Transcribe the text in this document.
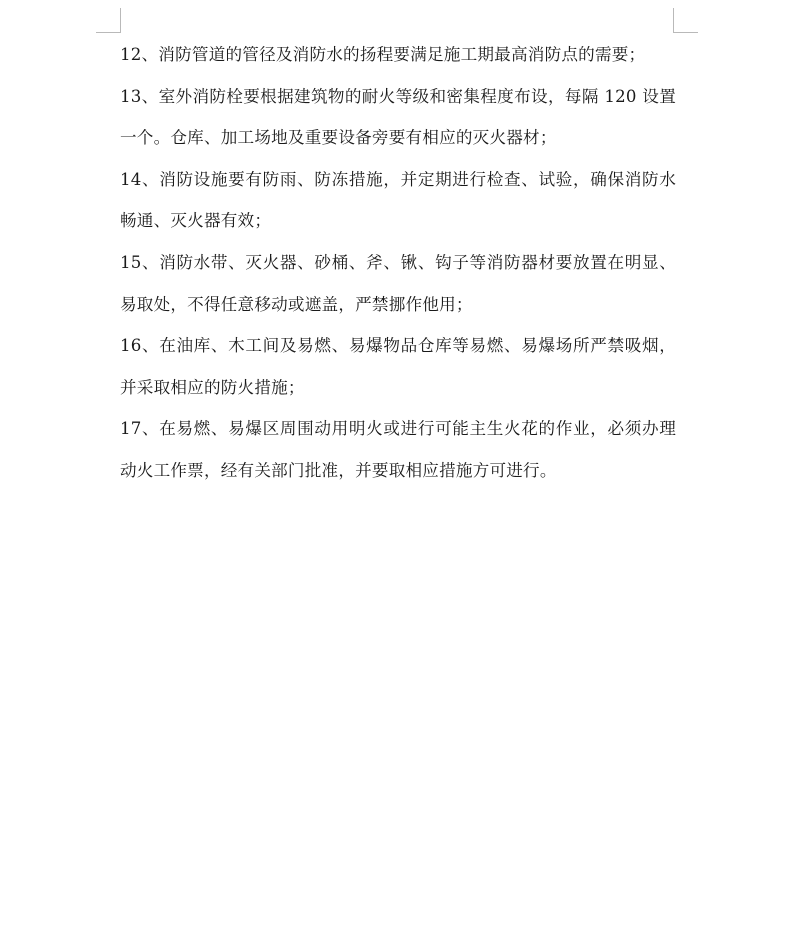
12、消防管道的管径及消防水的扬程要满足施工期最高消防点的需要；

13、室外消防栓要根据建筑物的耐火等级和密集程度布设，每隔 120 设置一个。仓库、加工场地及重要设备旁要有相应的灭火器材；

14、消防设施要有防雨、防冻措施，并定期进行检查、试验，确保消防水畅通、灭火器有效；

15、消防水带、灭火器、砂桶、斧、锹、钩子等消防器材要放置在明显、易取处，不得任意移动或遮盖，严禁挪作他用；

16、在油库、木工间及易燃、易爆物品仓库等易燃、易爆场所严禁吸烟，并采取相应的防火措施；

17、在易燃、易爆区周围动用明火或进行可能主生火花的作业，必须办理动火工作票，经有关部门批准，并要取相应措施方可进行。
